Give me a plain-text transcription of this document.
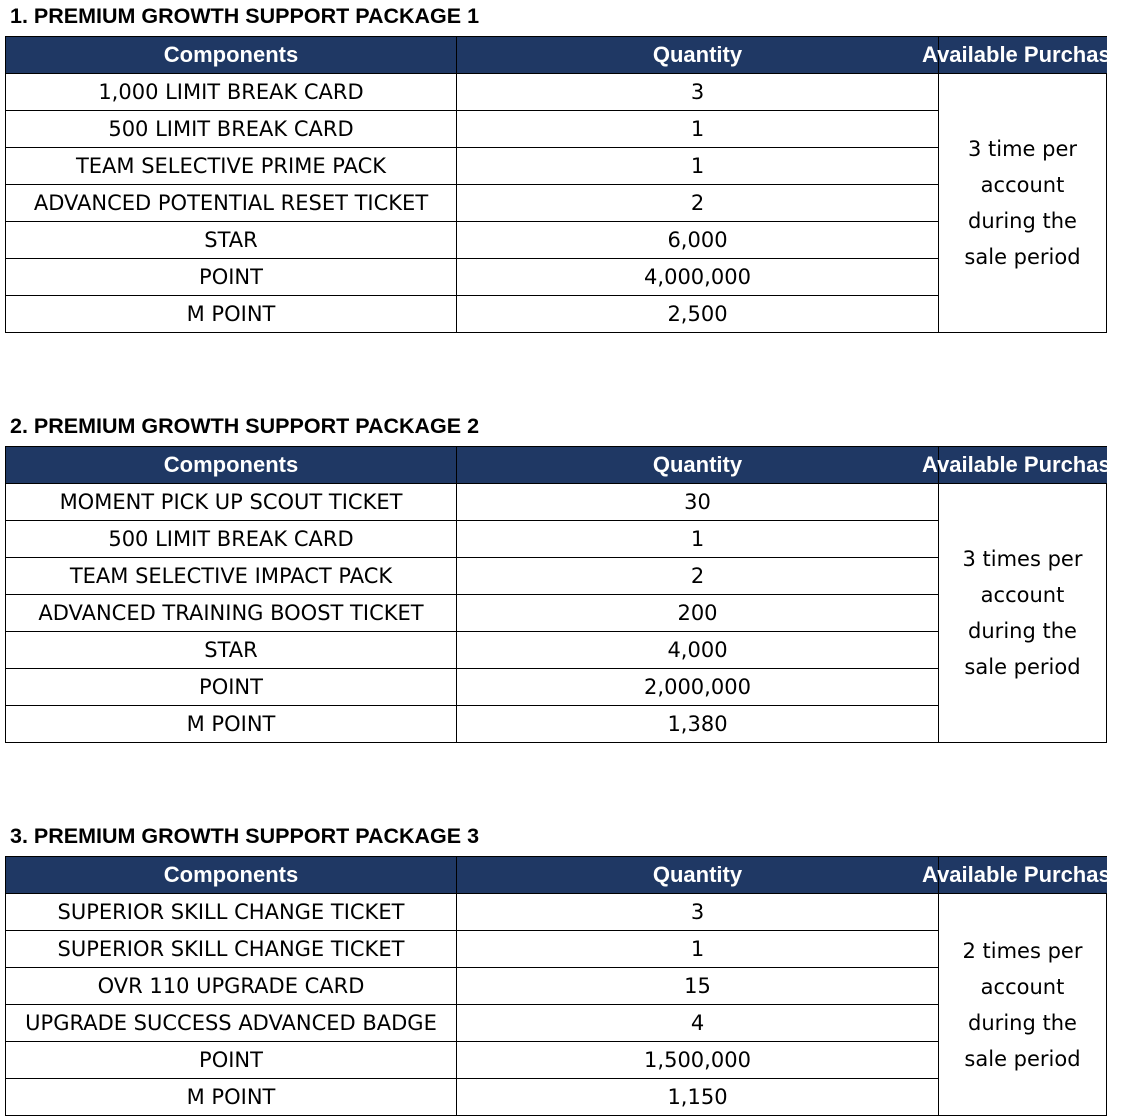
1. PREMIUM GROWTH SUPPORT PACKAGE 1
Components	Quantity	Available Purchase
1,000 LIMIT BREAK CARD	3	3 time per
account
during the
sale period

500 LIMIT BREAK CARD	1	
TEAM SELECTIVE PRIME PACK	1	
ADVANCED POTENTIAL RESET TICKET	2	
STAR	6,000	
POINT	4,000,000	
M POINT	2,500	
2. PREMIUM GROWTH SUPPORT PACKAGE 2
Components	Quantity	Available Purchase
MOMENT PICK UP SCOUT TICKET	30	3 times per
account
during the
sale period

500 LIMIT BREAK CARD	1	
TEAM SELECTIVE IMPACT PACK	2	
ADVANCED TRAINING BOOST TICKET	200	
STAR	4,000	
POINT	2,000,000	
M POINT	1,380	
3. PREMIUM GROWTH SUPPORT PACKAGE 3
Components	Quantity	Available Purchase
SUPERIOR SKILL CHANGE TICKET	3	2 times per
account
during the
sale period

SUPERIOR SKILL CHANGE TICKET	1	
OVR 110 UPGRADE CARD	15	
UPGRADE SUCCESS ADVANCED BADGE	4	
POINT	1,500,000	
M POINT	1,150	
